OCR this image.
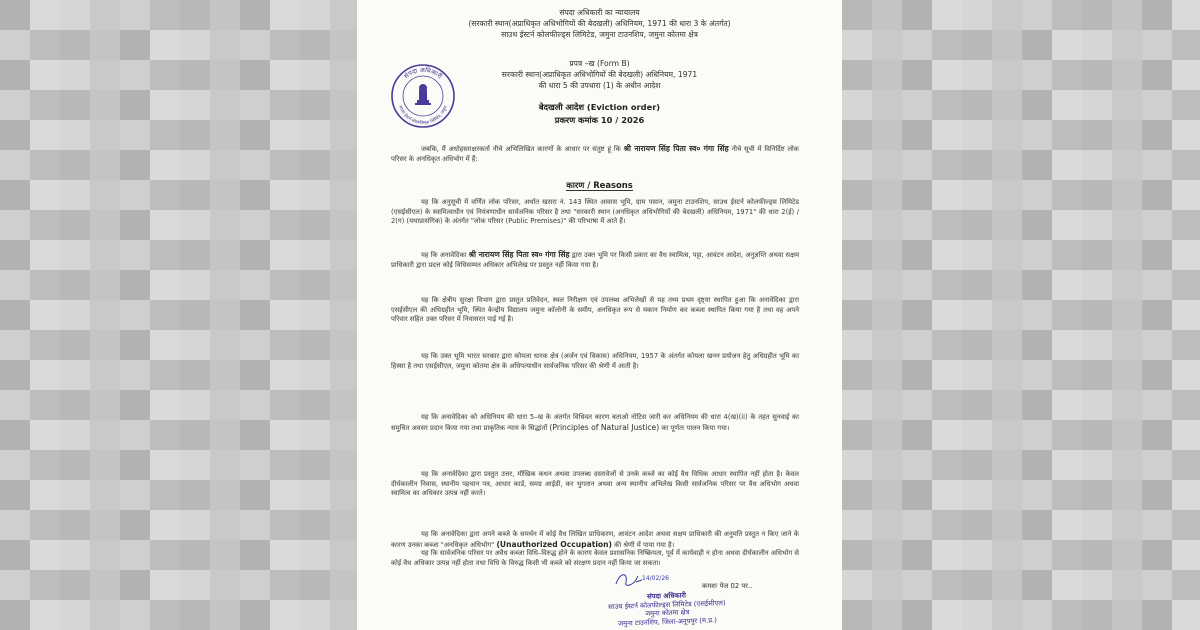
संपदा अधिकारी का न्यायालय
(सरकारी स्थान(अप्राधिकृत अधिभोगियों की बेदखली) अधिनियम, 1971 की धारा 3 के अंतर्गत)
साउथ ईस्टर्न कोलफील्ड्स लिमिटेड, जमुना टाउनशिप, जमुना कोतमा क्षेत्र
संपदा अधिकारी
साउथ ईस्टर्न कोलफील्ड्स लिमिटेड, जमुना
प्रपत्र –ख (Form B)
सरकारी स्थान(अप्राधिकृत अधिभोगियों की बेदखली) अधिनियम, 1971
की धारा 5 की उपधारा (1) के अधीन आदेश
बेदखली आदेश (Eviction order)
प्रकरण कमांक 10 / 2026
जबकि, मैं अधोहस्ताक्षरकर्ता नीचे अभिलिखित कारणों के आधार पर संतुष्ट हूं कि श्री नारायण सिंह पिता स्व० गंगा सिंह नीचे सूची में विनिर्दिष्ट लोक परिसर के अनधिकृत अधिभोग में हैं:
कारण / Reasons
यह कि अनुसूची में वर्णित लोक परिसर, अर्थात खसरा नं. 143 स्थित आवास भूमि, ग्राम पसान, जमुना टाउनशिप, साउथ ईस्टर्न कोलफील्ड्स लिमिटेड (एसईसीएल) के स्वामित्वाधीन एवं नियंत्रणाधीन सार्वजनिक परिसर है तथा "सरकारी स्थान (अनधिकृत अधिभोगियों की बेदखली) अधिनियम, 1971" की धारा 2(ई) / 2(ग) (यथाप्रासंगिक) के अंतर्गत "लोक परिसर (Public Premises)" की परिभाषा में आते हैं।
यह कि अनावेदिका श्री नारायण सिंह पिता स्व० गंगा सिंह द्वारा उक्त भूमि पर किसी प्रकार का वैध स्वामित्व, पट्टा, आवंटन आदेश, अनुज्ञप्ति अथवा सक्षम प्राधिकारी द्वारा प्रदत्त कोई विधिसम्मत अधिकार अभिलेख पर प्रस्तुत नहीं किया गया है।
यह कि क्षेत्रीय सुरक्षा विभाग द्वारा प्रस्तुत प्रतिवेदन, स्थल निरीक्षण एवं उपलब्ध अभिलेखों से यह तथ्य प्रथम दृष्ट्या स्थापित हुआ कि अनावेदिका द्वारा एसईसीएल की अधिग्रहीत भूमि, स्थित केन्द्रीय विद्यालय जमुना कॉलोनी के समीप, अनधिकृत रूप से मकान निर्माण कर कब्जा स्थापित किया गया है तथा वह अपने परिवार सहित उक्त परिसर में निवासरत पाई गई है।
यह कि उक्त भूमि भारत सरकार द्वारा कोयला धारक क्षेत्र (अर्जन एवं विकास) अधिनियम, 1957 के अंतर्गत कोयला खनन प्रयोजन हेतु अधिग्रहीत भूमि का हिस्सा है तथा एसईसीएल, जमुना कोतमा क्षेत्र के अधिपत्याधीन सार्वजनिक परिसर की श्रेणी में आती है।
यह कि अनावेदिका को अधिनियम की धारा 5–ख के अंतर्गत विधिवत कारण बताओ नोटिस जारी कर अधिनियम की धारा 4(ख)(ii) के तहत सुनवाई का समुचित अवसर प्रदान किया गया तथा प्राकृतिक न्याय के सिद्धांतों (Principles of Natural Justice) का पूर्णतः पालन किया गया।
यह कि अनावेदिका द्वारा प्रस्तुत उत्तर, मौखिक कथन अथवा उपलब्ध दस्तावेजों से उनके कब्जे का कोई वैध विधिक आधार स्थापित नहीं होता है। केवल दीर्घकालीन निवास, स्थानीय पहचान पत्र, आधार कार्ड, समग्र आईडी, कर भुगतान अथवा अन्य स्थानीय अभिलेख किसी सार्वजनिक परिसर पर वैध अधिभोग अथवा स्वामित्व का अधिकार उत्पन्न नहीं करते।
यह कि अनावेदिका द्वारा अपने कब्जे के समर्थन में कोई वैध लिखित प्राधिकरण, आवंटन आदेश अथवा सक्षम प्राधिकारी की अनुमति प्रस्तुत न किए जाने के कारण उनका कब्जा "अनधिकृत अधिभोग" (Unauthorized Occupation) की श्रेणी में पाया गया है।
यह कि सार्वजनिक परिसर पर अवैध कब्जा विधि–विरुद्ध होने के कारण केवल प्रशासनिक निष्क्रियता, पूर्व में कार्यवाही न होना अथवा दीर्घकालीन अधिभोग से कोई वैध अधिकार उत्पन्न नहीं होता तथा विधि के विरुद्ध किसी भी कब्जे को संरक्षण प्रदान नहीं किया जा सकता।
14/02/26
कमशः पेज 02 पर..
संपदा अधिकारी
साउथ ईस्टर्न कोलफील्ड्स लिमिटेड (एसईसीएल)
जमुना कोतमा क्षेत्र
जमुना टाउनशिप, जिला-अनूपपुर (म.प्र.)
